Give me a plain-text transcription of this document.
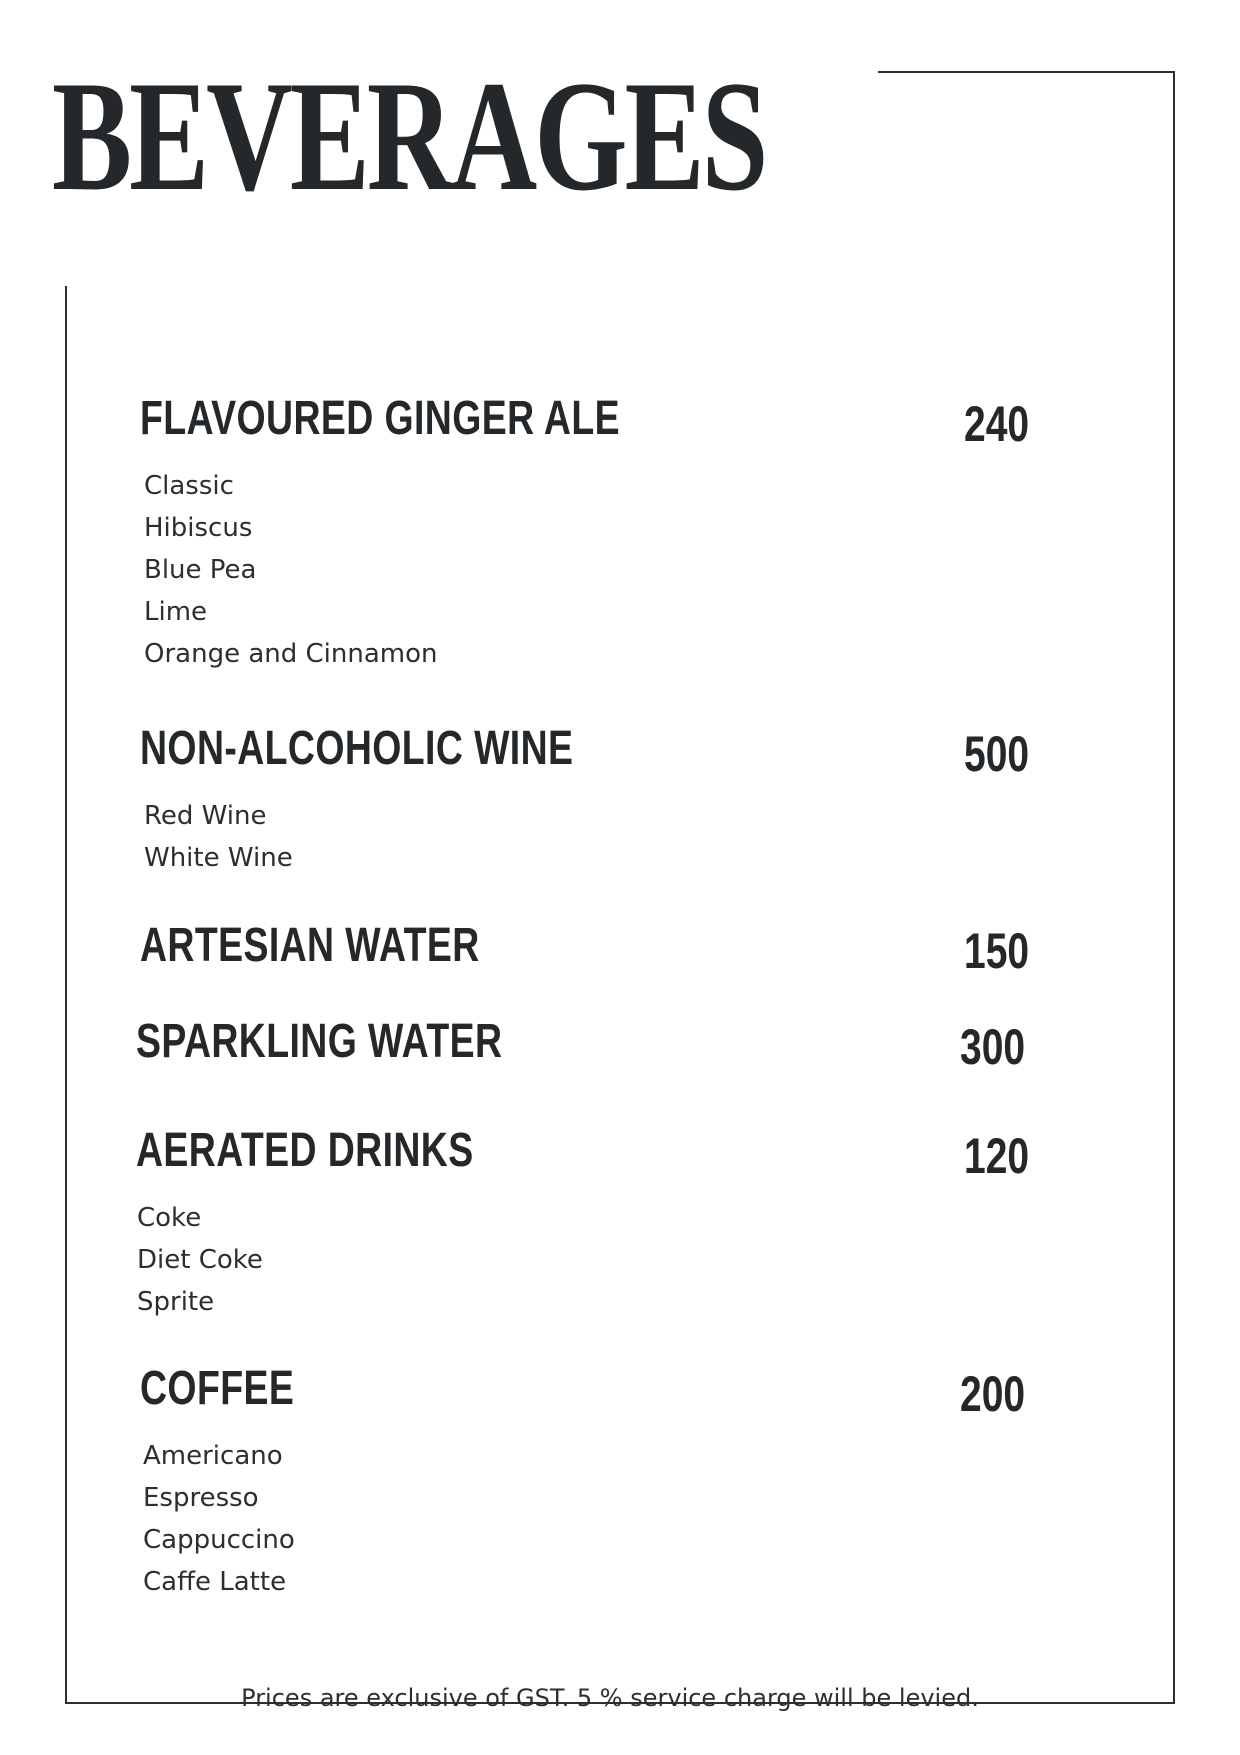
BEVERAGES
FLAVOURED GINGER ALE	240
Classic
Hibiscus
Blue Pea
Lime
Orange and Cinnamon
NON-ALCOHOLIC WINE	500
Red Wine
White Wine
ARTESIAN WATER	150
SPARKLING WATER	300
AERATED DRINKS	120
Coke
Diet Coke
Sprite
COFFEE	200
Americano
Espresso
Cappuccino
Caffe Latte

Prices are exclusive of GST. 5 % service charge will be levied.
